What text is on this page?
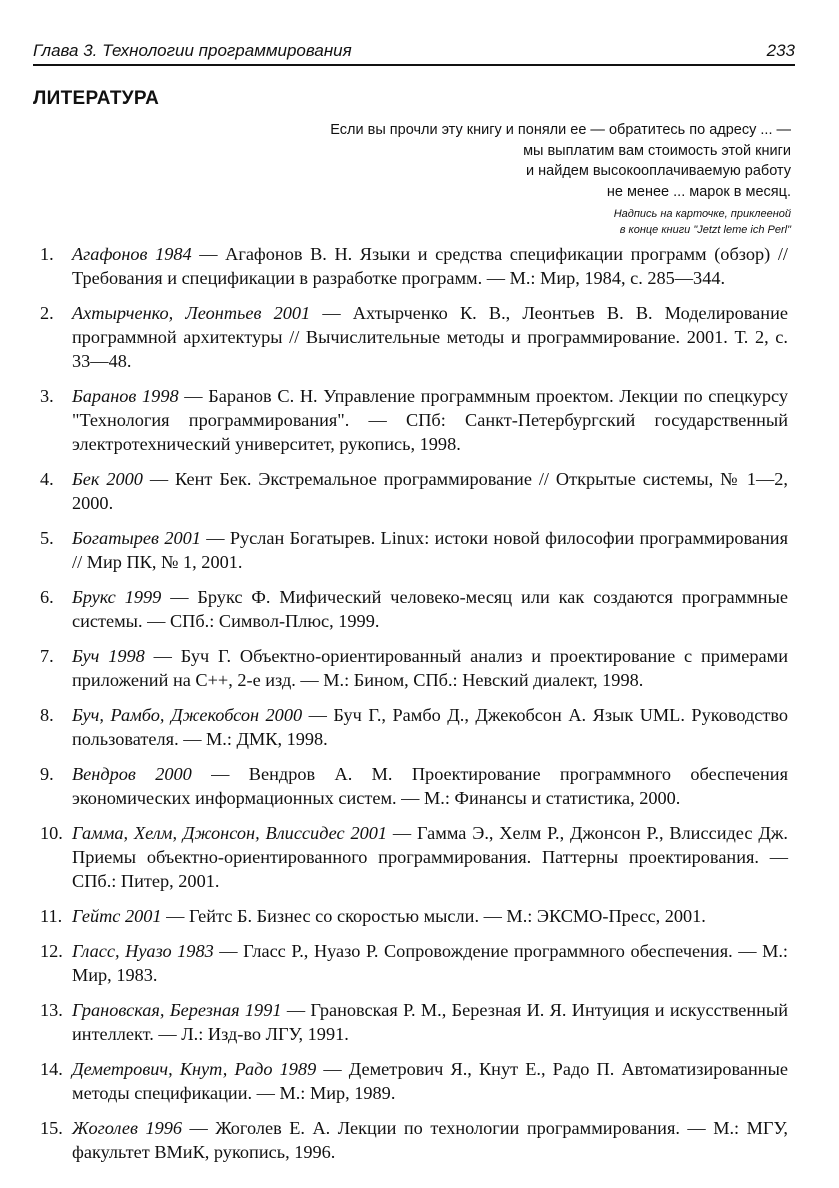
Глава 3. Технологии программирования	233
ЛИТЕРАТУРА
Если вы прочли эту книгу и поняли ее — обратитесь по адресу ... —
мы выплатим вам стоимость этой книги
и найдем высокооплачиваемую работу
не менее ... марок в месяц.
Надпись на карточке, приклееной
в конце книги "Jetzt leme ich Perl"
1. Агафонов 1984 — Агафонов В. Н. Языки и средства спецификации программ (обзор) // Требования и спецификации в разработке программ. — М.: Мир, 1984, с. 285—344.
2. Ахтырченко, Леонтьев 2001 — Ахтырченко К. В., Леонтьев В. В. Моделирование программной архитектуры // Вычислительные методы и программирование. 2001. Т. 2, с. 33—48.
3. Баранов 1998 — Баранов С. Н. Управление программным проектом. Лекции по спецкурсу "Технология программирования". — СПб: Санкт-Петербургский государственный электротехнический университет, рукопись, 1998.
4. Бек 2000 — Кент Бек. Экстремальное программирование // Открытые системы, № 1—2, 2000.
5. Богатырев 2001 — Руслан Богатырев. Linux: истоки новой философии программирования // Мир ПК, № 1, 2001.
6. Брукс 1999 — Брукс Ф. Мифический человеко-месяц или как создаются программные системы. — СПб.: Символ-Плюс, 1999.
7. Буч 1998 — Буч Г. Объектно-ориентированный анализ и проектирование с примерами приложений на С++, 2-е изд. — М.: Бином, СПб.: Невский диалект, 1998.
8. Буч, Рамбо, Джекобсон 2000 — Буч Г., Рамбо Д., Джекобсон А. Язык UML. Руководство пользователя. — М.: ДМК, 1998.
9. Вендров 2000 — Вендров А. М. Проектирование программного обеспечения экономических информационных систем. — М.: Финансы и статистика, 2000.
10. Гамма, Хелм, Джонсон, Влиссидес 2001 — Гамма Э., Хелм Р., Джонсон Р., Влиссидес Дж. Приемы объектно-ориентированного программирования. Паттерны проектирования. — СПб.: Питер, 2001.
11. Гейтс 2001 — Гейтс Б. Бизнес со скоростью мысли. — М.: ЭКСМО-Пресс, 2001.
12. Гласс, Нуазо 1983 — Гласс Р., Нуазо Р. Сопровождение программного обеспечения. — М.: Мир, 1983.
13. Грановская, Березная 1991 — Грановская Р. М., Березная И. Я. Интуиция и искусственный интеллект. — Л.: Изд-во ЛГУ, 1991.
14. Деметрович, Кнут, Радо 1989 — Деметрович Я., Кнут Е., Радо П. Автоматизированные методы спецификации. — М.: Мир, 1989.
15. Жоголев 1996 — Жоголев Е. А. Лекции по технологии программирования. — М.: МГУ, факультет ВМиК, рукопись, 1996.
